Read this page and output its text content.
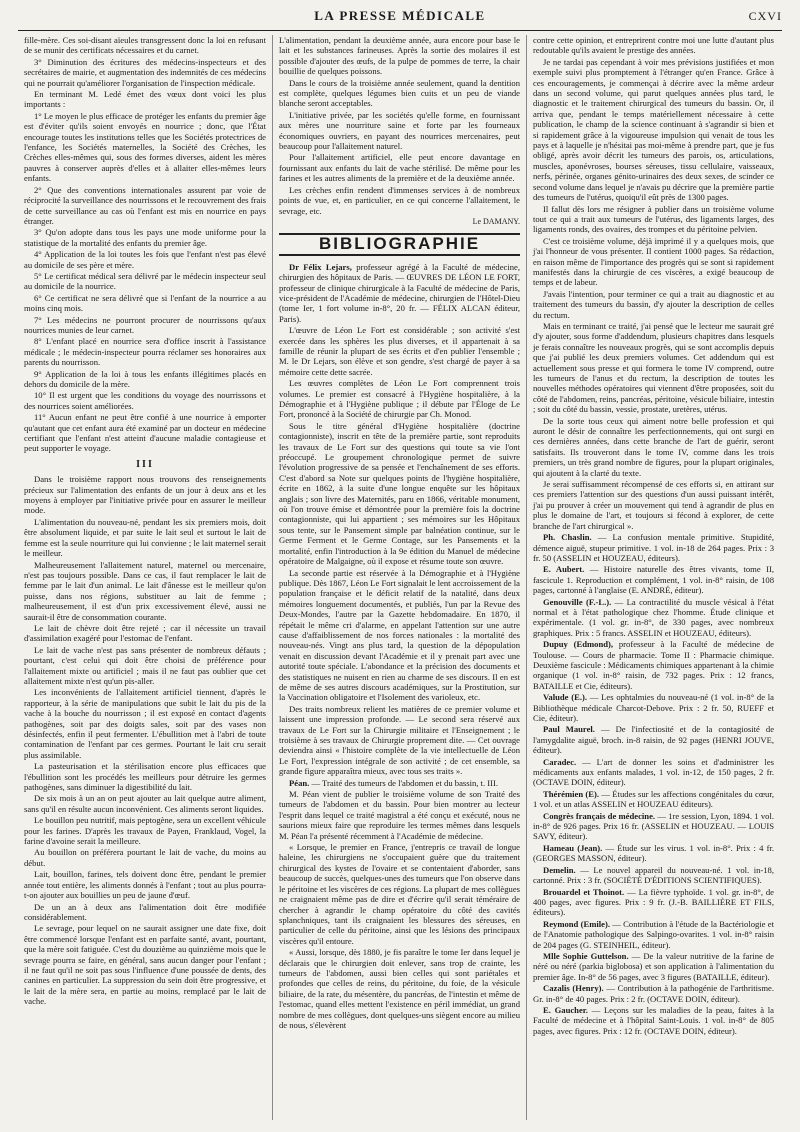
LA PRESSE MÉDICALE	CXVI

fille-mère. Ces soi-disant aïeules transgressent donc la loi en refusant de se munir des certificats nécessaires et du carnet.

3° Diminution des écritures des médecins-inspecteurs et des secrétaires de mairie, et augmentation des indemnités de ces médecins qui ne pourrait qu'améliorer l'organisation de l'inspection médicale.

En terminant M. Ledé émet des vœux dont voici les plus importants :

1° Le moyen le plus efficace de protéger les enfants du premier âge est d'éviter qu'ils soient envoyés en nourrice ; donc, que l'État encourage toutes les institutions telles que les Sociétés protectrices de l'enfance, les Sociétés maternelles, la Société des Crèches, les Crèches elles-mêmes qui, sous des formes diverses, aident les mères pauvres à conserver auprès d'elles et à allaiter elles-mêmes leurs enfants.

2° Que des conventions internationales assurent par voie de réciprocité la surveillance des nourrissons et le recouvrement des frais de cette surveillance au cas où l'enfant est mis en nourrice en pays étranger.

3° Qu'on adopte dans tous les pays une mode uniforme pour la statistique de la mortalité des enfants du premier âge.

4° Application de la loi toutes les fois que l'enfant n'est pas élevé au domicile de ses père et mère.

5° Le certificat médical sera délivré par le médecin inspecteur seul au domicile de la nourrice.

6° Ce certificat ne sera délivré que si l'enfant de la nourrice a au moins cinq mois.

7° Les médecins ne pourront procurer de nourrissons qu'aux nourrices munies de leur carnet.

8° L'enfant placé en nourrice sera d'office inscrit à l'assistance médicale ; le médecin-inspecteur pourra réclamer ses honoraires aux parents du nourrisson.

9° Application de la loi à tous les enfants illégitimes placés en dehors du domicile de la mère.

10° Il est urgent que les conditions du voyage des nourrissons et des nourrices soient améliorées.

11° Aucun enfant ne peut être confié à une nourrice à emporter qu'autant que cet enfant aura été examiné par un docteur en médecine certifiant que l'enfant n'est atteint d'aucune maladie contagieuse et peut supporter le voyage.

III

Dans le troisième rapport nous trouvons des renseignements précieux sur l'alimentation des enfants de un jour à deux ans et les moyens à employer par l'initiative privée pour en assurer le meilleur mode.

L'alimentation du nouveau-né, pendant les six premiers mois, doit être absolument liquide, et par suite le lait seul et surtout le lait de femme est la seule nourriture qui lui convienne ; le lait maternel serait le meilleur.

Malheureusement l'allaitement naturel, maternel ou mercenaire, n'est pas toujours possible. Dans ce cas, il faut remplacer le lait de femme par le lait d'un animal. Le lait d'ânesse est le meilleur qu'on puisse, dans nos régions, substituer au lait de femme ; malheureusement, il est d'un prix excessivement élevé, aussi ne saurait-il être de consommation courante.

Le lait de chèvre doit être rejeté ; car il nécessite un travail d'assimilation exagéré pour l'estomac de l'enfant.

Le lait de vache n'est pas sans présenter de nombreux défauts ; pourtant, c'est celui qui doit être choisi de préférence pour l'allaitement mixte ou artificiel ; mais il ne faut pas oublier que cet allaitement mixte n'est qu'un pis-aller.

Les inconvénients de l'allaitement artificiel tiennent, d'après le rapporteur, à la série de manipulations que subit le lait du pis de la vache à la bouche du nourrisson ; il est exposé en contact d'agents pathogènes, soit par des doigts sales, soit par des vases non désinfectés, enfin il peut fermenter. L'ébullition met à l'abri de toute contamination de l'enfant par ces germes. Pourtant le lait cru serait plus assimilable.

La pasteurisation et la stérilisation encore plus efficaces que l'ébullition sont les procédés les meilleurs pour détruire les germes pathogènes, sans diminuer la digestibilité du lait.

De six mois à un an on peut ajouter au lait quelque autre aliment, sans qu'il en résulte aucun inconvénient. Ces aliments seront liquides.

Le bouillon peu nutritif, mais peptogène, sera un excellent véhicule pour les farines. D'après les travaux de Payen, Franklaud, Vogel, la farine d'avoine serait la meilleure.

Au bouillon on préférera pourtant le lait de vache, du moins au début.

Lait, bouillon, farines, tels doivent donc être, pendant le premier année tout entière, les aliments donnés à l'enfant ; tout au plus pourra-t-on ajouter aux bouillies un peu de jaune d'œuf.

De un an à deux ans l'alimentation doit être modifiée considérablement.

Le sevrage, pour lequel on ne saurait assigner une date fixe, doit être commencé lorsque l'enfant est en parfaite santé, avant, pourtant, que la mère soit fatiguée. C'est du douzième au quinzième mois que le sevrage pourra se faire, en général, sans aucun danger pour l'enfant ; il ne faut qu'il ne soit pas sous l'influence d'une poussée de dents, des canines en particulier. La suppression du sein doit être progressive, et le lait de la mère sera, en partie au moins, remplacé par le lait de vache.

L'alimentation, pendant la deuxième année, aura encore pour base le lait et les substances farineuses. Après la sortie des molaires il est possible d'ajouter des œufs, de la pulpe de pommes de terre, la chair bouillie de quelques poissons.

Dans le cours de la troisième année seulement, quand la dentition est complète, quelques légumes bien cuits et un peu de viande blanche seront acceptables.

L'initiative privée, par les sociétés qu'elle forme, en fournissant aux mères une nourriture saine et forte par les fourneaux économiques ouvriers, en payant des nourrices mercenaires, peut beaucoup pour l'allaitement naturel.

Pour l'allaitement artificiel, elle peut encore davantage en fournissant aux enfants du lait de vache stérilisé. De même pour les farines et les autres aliments de la première et de la deuxième année.

Les crèches enfin rendent d'immenses services à de nombreux points de vue, et, en particulier, en ce qui concerne l'allaitement, le sevrage, etc.

Le DAMANY.
BIBLIOGRAPHIE

Dr Félix Lejars, professeur agrégé à la Faculté de médecine, chirurgien des hôpitaux de Paris. — ŒUVRES DE LÉON LE FORT, professeur de clinique chirurgicale à la Faculté de médecine de Paris, vice-président de l'Académie de médecine, chirurgien de l'Hôtel-Dieu (tome Ier, 1 fort volume in-8°, 20 fr. — FÉLIX ALCAN éditeur, Paris).

L'œuvre de Léon Le Fort est considérable ; son activité s'est exercée dans les sphères les plus diverses, et il appartenait à sa famille de réunir la plupart de ses écrits et d'en publier l'ensemble ; M. le Dr Lejars, son élève et son gendre, s'est chargé de payer à sa mémoire cette dette sacrée.

Les œuvres complètes de Léon Le Fort comprennent trois volumes. Le premier est consacré à l'Hygiène hospitalière, à la Démographie et à l'Hygiène publique ; il débute par l'Éloge de Le Fort, prononcé à la Société de chirurgie par Ch. Monod.

Sous le titre général d'Hygiène hospitalière (doctrine contagionniste), inscrit en tête de la première partie, sont reproduits les travaux de Le Fort sur des questions qui toute sa vie l'ont préoccupé. Le groupement chronologique permet de suivre l'évolution progressive de sa pensée et l'enchaînement de ses efforts. C'est d'abord sa Note sur quelques points de l'hygiène hospitalière, écrite en 1862, à la suite d'une longue enquête sur les hôpitaux anglais ; son livre des Maternités, paru en 1866, véritable monument, où l'on trouve émise et démontrée pour la première fois la doctrine contagionniste, qui lui appartient ; ses mémoires sur les Hôpitaux sous tente, sur le Pansement simple par balnéation continue, sur le Germe Ferment et le Germe Contage, sur les Pansements et la mortalité, enfin l'introduction à la 9e édition du Manuel de médecine opératoire de Malgaigne, où il expose et résume toute son œuvre.

La seconde partie est réservée à la Démographie et à l'Hygiène publique. Dès 1867, Léon Le Fort signalait le lent accroissement de la population française et le déficit relatif de la natalité, dans deux mémoires longuement documentés, et publiés, l'un par la Revue des Deux-Mondes, l'autre par la Gazette hebdomadaire. En 1870, il répétait le même cri d'alarme, en appelant l'attention sur une autre cause d'affaiblissement de nos forces nationales : la mortalité des nouveau-nés. Vingt ans plus tard, la question de la dépopulation venait en discussion devant l'Académie et il y prenait part avec une autorité toute spéciale. L'abondance et la précision des documents et des statistiques ne nuisent en rien au charme de ses discours. Il en est de même de ses autres discours académiques, sur la Prostitution, sur la Vaccination obligatoire et l'Isolement des varioleux, etc.

Des traits nombreux relient les matières de ce premier volume et laissent une impression profonde. — Le second sera réservé aux travaux de Le Fort sur la Chirurgie militaire et l'Enseignement ; le troisième à ses travaux de Chirurgie proprement dite. — Cet ouvrage deviendra ainsi « l'histoire complète de la vie intellectuelle de Léon Le Fort, l'expression intégrale de son activité ; de cet ensemble, sa grande figure apparaîtra mieux, avec tous ses traits ».

Péan. — Traité des tumeurs de l'abdomen et du bassin, t. III.

M. Péan vient de publier le troisième volume de son Traité des tumeurs de l'abdomen et du bassin. Pour bien montrer au lecteur l'esprit dans lequel ce traité magistral a été conçu et exécuté, nous ne saurions mieux faire que reproduire les termes mêmes dans lesquels M. Péan l'a présenté récemment à l'Académie de médecine.

« Lorsque, le premier en France, j'entrepris ce travail de longue haleine, les chirurgiens ne s'occupaient guère que du traitement chirurgical des kystes de l'ovaire et se contentaient d'aborder, sans beaucoup de succès, quelques-unes des tumeurs que l'on observe dans le péritoine et les viscères de ces régions. La plupart de mes collègues ne craignaient même pas de dire et d'écrire qu'il serait téméraire de chercher à agrandir le champ opératoire du côté des cavités splanchniques, tant ils craignaient les blessures des séreuses, en particulier de celle du péritoine, ainsi que les lésions des principaux viscères qu'il entoure.

« Aussi, lorsque, dès 1880, je fis paraître le tome Ier dans lequel je déclarais que le chirurgien doit enlever, sans trop de crainte, les tumeurs de l'abdomen, aussi bien celles qui sont pariétales et profondes que celles de reins, du péritoine, du foie, de la vésicule biliaire, de la rate, du mésentère, du pancréas, de l'intestin et même de l'estomac, quand elles mettent l'existence en péril immédiat, un grand nombre de mes collègues, dont quelques-uns siègent encore au milieu de nous, s'élevèrent

contre cette opinion, et entreprirent contre moi une lutte d'autant plus redoutable qu'ils avaient le prestige des années.

Je ne tardai pas cependant à voir mes prévisions justifiées et mon exemple suivi plus promptement à l'étranger qu'en France. Grâce à ces encouragements, je commençai à décrire avec la même ardeur dans un second volume, qui parut quelques années plus tard, le diagnostic et le traitement chirurgical des tumeurs du bassin. Or, il arriva que, pendant le temps matériellement nécessaire à cette publication, le champ de la science continuant à s'agrandir si bien et si rapidement grâce à la vigoureuse impulsion qui venait de tous les pays et à laquelle je n'hésitai pas moi-même à prendre part, que je fus obligé, après avoir décrit les tumeurs des parois, os, articulations, muscles, aponévroses, bourses séreuses, tissu cellulaire, vaisseaux, nerfs, périnée, organes génito-urinaires des deux sexes, de scinder ce second volume dans lequel je n'avais pu décrire que la première partie des tumeurs de l'utérus, quoiqu'il eût près de 1300 pages.

Il fallut dès lors me résigner à publier dans un troisième volume tout ce qui a trait aux tumeurs de l'utérus, des ligaments larges, des ligaments ronds, des ovaires, des trompes et du péritoine pelvien.

C'est ce troisième volume, déjà imprimé il y a quelques mois, que j'ai l'honneur de vous présenter. Il contient 1000 pages. Sa rédaction, en raison même de l'importance des progrès qui se sont si rapidement manifestés dans la chirurgie de ces viscères, a exigé beaucoup de temps et de labeur.

J'avais l'intention, pour terminer ce qui a trait au diagnostic et au traitement des tumeurs du bassin, d'y ajouter la description de celles du rectum.

Mais en terminant ce traité, j'ai pensé que le lecteur me saurait gré d'y ajouter, sous forme d'addendum, plusieurs chapitres dans lesquels je ferais connaître les nouveaux progrès, qui se sont accomplis depuis que j'ai publié les deux premiers volumes. Cet addendum qui est actuellement sous presse et qui formera le tome IV comprend, outre les tumeurs de l'anus et du rectum, la description de toutes les nouvelles méthodes opératoires qui viennent d'être proposées, soit du côté de l'abdomen, reins, pancréas, péritoine, vésicule biliaire, intestin ; soit du côté du bassin, vessie, prostate, uretères, utérus.

De la sorte tous ceux qui aiment notre belle profession et qui auront le désir de connaître les perfectionnements, qui ont surgi en ces dernières années, dans cette branche de l'art de guérir, seront satisfaits. Ils trouveront dans le tome IV, comme dans les trois premiers, un très grand nombre de figures, pour la plupart originales, qui ajoutent à la clarté du texte.

Je serai suffisamment récompensé de ces efforts si, en attirant sur ces premiers l'attention sur des questions d'un aussi puissant intérêt, j'ai pu prouver à créer un mouvement qui tend à agrandir de plus en plus le domaine de l'art, et toujours si fécond à explorer, de cette branche de l'art chirurgical ».

Ph. Chaslin. — La confusion mentale primitive. Stupidité, démence aiguë, stupeur primitive. 1 vol. in-18 de 264 pages. Prix : 3 fr. 50 (ASSELIN et HOUZEAU, éditeurs).

E. Aubert. — Histoire naturelle des êtres vivants, tome II, fascicule 1. Reproduction et complément, 1 vol. in-8° raisin, de 108 pages, cartonné à l'anglaise (E. ANDRÉ, éditeur).

Genouville (F.-L.). — La contractilité du muscle vésical à l'état normal et à l'état pathologique chez l'homme. Étude clinique et expérimentale. (1 vol. gr. in-8°, de 330 pages, avec nombreux graphiques. Prix : 5 francs. ASSELIN et HOUZEAU, éditeurs).

Dupuy (Edmond), professeur à la Faculté de médecine de Toulouse. — Cours de pharmacie. Tome II : Pharmacie chimique. Deuxième fascicule : Médicaments chimiques appartenant à la chimie organique (1 vol. in-8° raisin, de 732 pages. Prix : 12 francs, BATAILLE et Cie, éditeurs).

Valude (E.). — Les ophtalmies du nouveau-né (1 vol. in-8° de la Bibliothèque médicale Charcot-Debove. Prix : 2 fr. 50, RUEFF et Cie, éditeur).

Paul Maurel. — De l'infectiosité et de la contagiosité de l'amygdalite aiguë, broch. in-8 raisin, de 92 pages (HENRI JOUVE, éditeur).

Caradec. — L'art de donner les soins et d'administrer les médicaments aux enfants malades, 1 vol. in-12, de 150 pages, 2 fr. (OCTAVE DOIN, éditeur).

Thérémien (E). — Études sur les affections congénitales du cœur, 1 vol. et un atlas ASSELIN et HOUZEAU éditeurs).

Congrès français de médecine. — 1re session, Lyon, 1894. 1 vol. in-8° de 926 pages. Prix 16 fr. (ASSELIN et HOUZEAU. — LOUIS SAVY, éditeur).

Hameau (Jean). — Étude sur les virus. 1 vol. in-8°. Prix : 4 fr. (GEORGES MASSON, éditeur).

Demelin. — Le nouvel appareil du nouveau-né. 1 vol. in-18, cartonné. Prix : 3 fr. (SOCIÉTÉ D'ÉDITIONS SCIENTIFIQUES).

Brouardel et Thoinot. — La fièvre typhoïde. 1 vol. gr. in-8°, de 400 pages, avec figures. Prix : 9 fr. (J.-B. BAILLIÈRE ET FILS, éditeurs).

Reymond (Emile). — Contribution à l'étude de la Bactériologie et de l'Anatomie pathologique des Salpingo-ovarites. 1 vol. in-8° raisin de 204 pages (G. STEINHEIL, éditeur).

Mlle Sophie Guttelson. — De la valeur nutritive de la farine de néré ou néré (parkia biglobosa) et son application à l'alimentation du premier âge. In-8° de 56 pages, avec 3 figures (BATAILLE, éditeur).

Cazalis (Henry). — Contribution à la pathogénie de l'arthritisme. Gr. in-8° de 40 pages. Prix : 2 fr. (OCTAVE DOIN, éditeur).

E. Gaucher. — Leçons sur les maladies de la peau, faites à la Faculté de médecine et à l'hôpital Saint-Louis. 1 vol. in-8° de 805 pages, avec figures. Prix : 12 fr. (OCTAVE DOIN, éditeur).
